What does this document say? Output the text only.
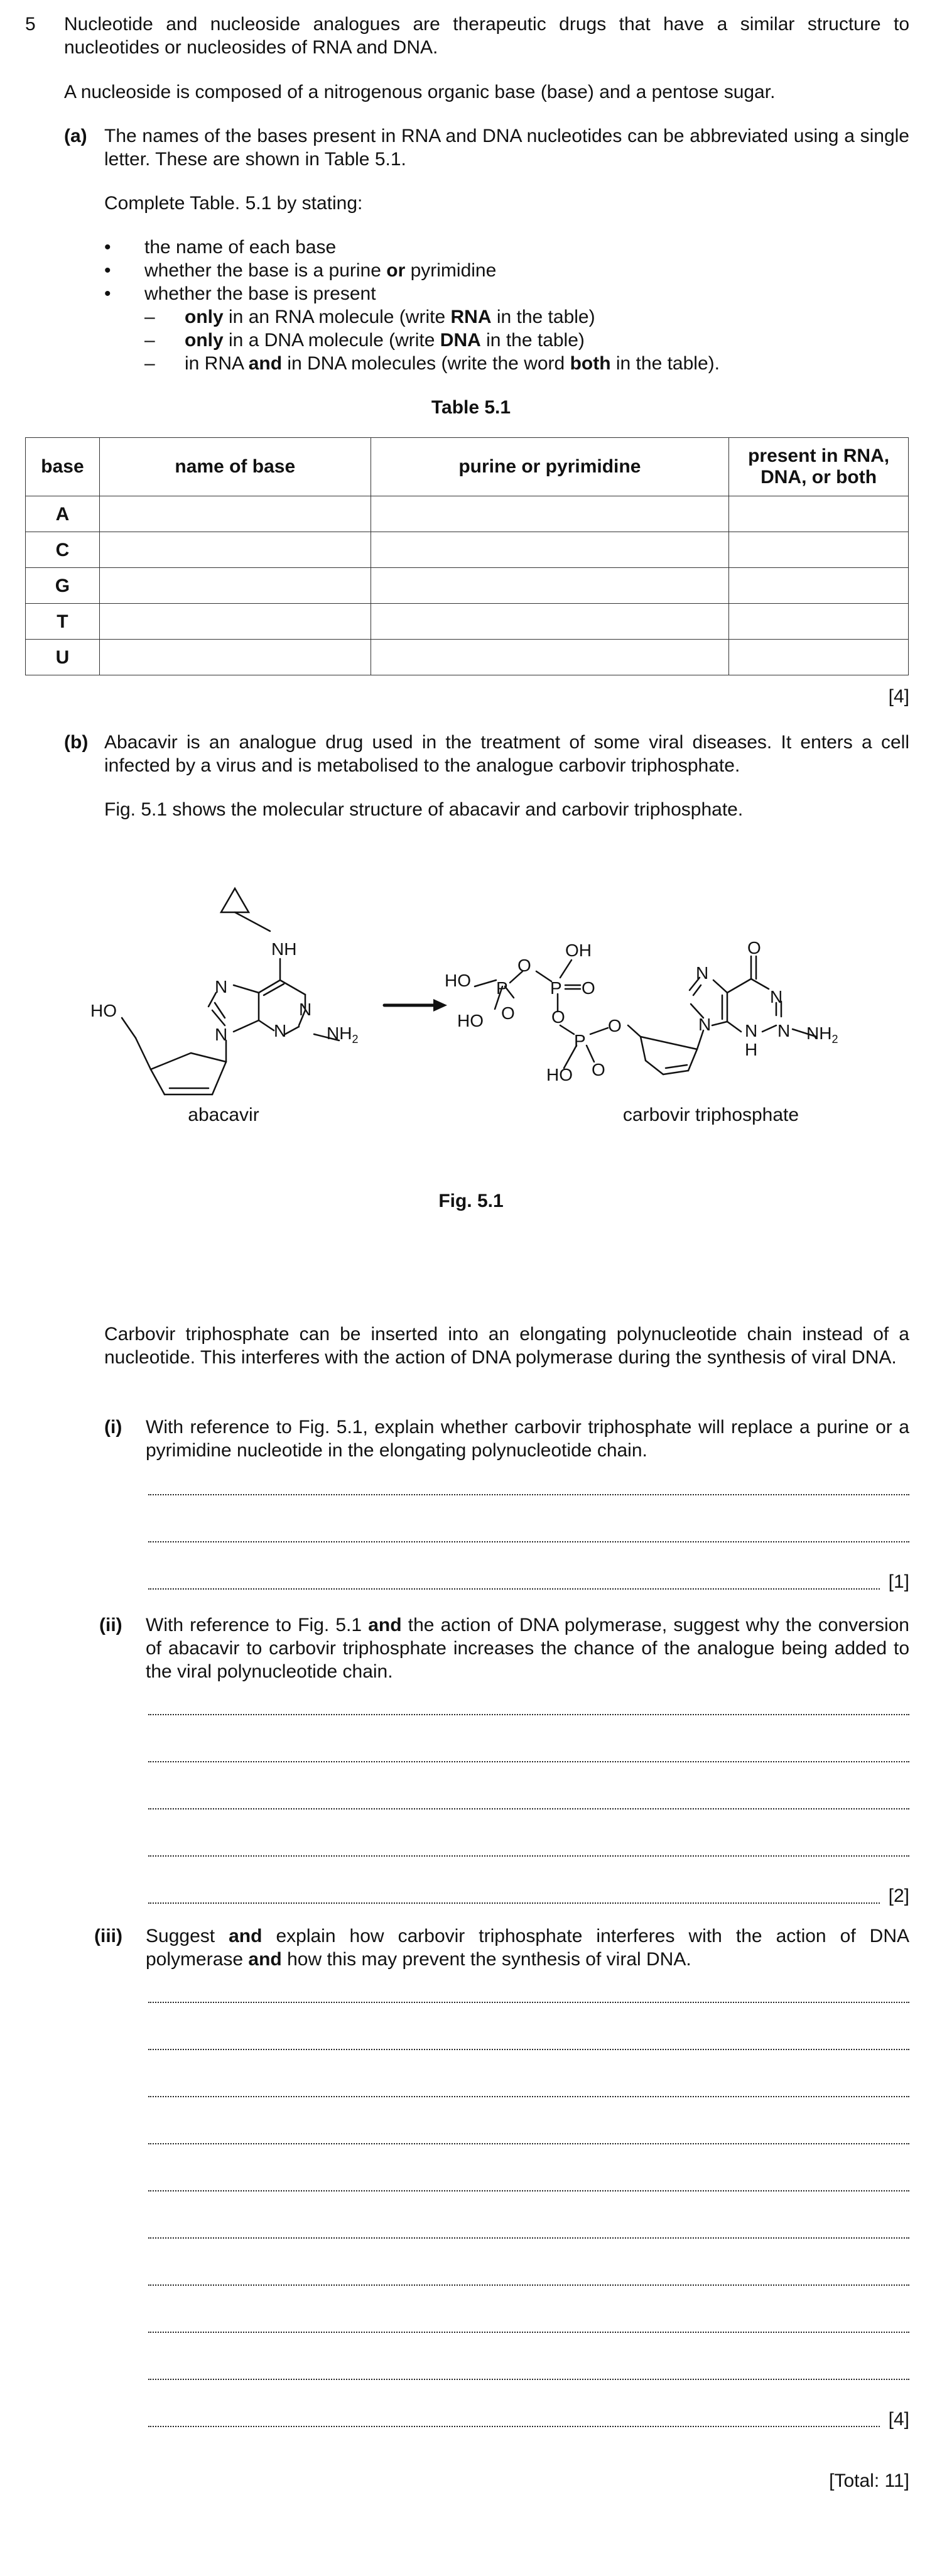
5 Nucleotide and nucleoside analogues are therapeutic drugs that have a similar structure to nucleotides or nucleosides of RNA and DNA.
A nucleoside is composed of a nitrogenous organic base (base) and a pentose sugar.
(a) The names of the bases present in RNA and DNA nucleotides can be abbreviated using a single letter. These are shown in Table 5.1.
Complete Table. 5.1 by stating:
• the name of each base
• whether the base is a purine or pyrimidine
• whether the base is present
– only in an RNA molecule (write RNA in the table)
– only in a DNA molecule (write DNA in the table)
– in RNA and in DNA molecules (write the word both in the table).
Table 5.1
base	name of base	purine or pyrimidine	present in RNA,
DNA, or both
A			
C			
G			
T			
U			
[4]
(b) Abacavir is an analogue drug used in the treatment of some viral diseases. It enters a cell infected by a virus and is metabolised to the analogue carbovir triphosphate.
Fig. 5.1 shows the molecular structure of abacavir and carbovir triphosphate.
NH
HO
N
N	N
N
$NH_2$
HO P
O
HO O
OH
P O
O
P
O
HO O
N
N
O
N
N
H
N $NH_2$
abacavir	carbovir triphosphate
Fig. 5.1
Carbovir triphosphate can be inserted into an elongating polynucleotide chain instead of a nucleotide. This interferes with the action of DNA polymerase during the synthesis of viral DNA.
(i) With reference to Fig. 5.1, explain whether carbovir triphosphate will replace a purine or a pyrimidine nucleotide in the elongating polynucleotide chain.
[1]
(ii) With reference to Fig. 5.1 and the action of DNA polymerase, suggest why the conversion of abacavir to carbovir triphosphate increases the chance of the analogue being added to the viral polynucleotide chain.
[2]
(iii) Suggest and explain how carbovir triphosphate interferes with the action of DNA polymerase and how this may prevent the synthesis of viral DNA.
[4]
[Total: 11]
